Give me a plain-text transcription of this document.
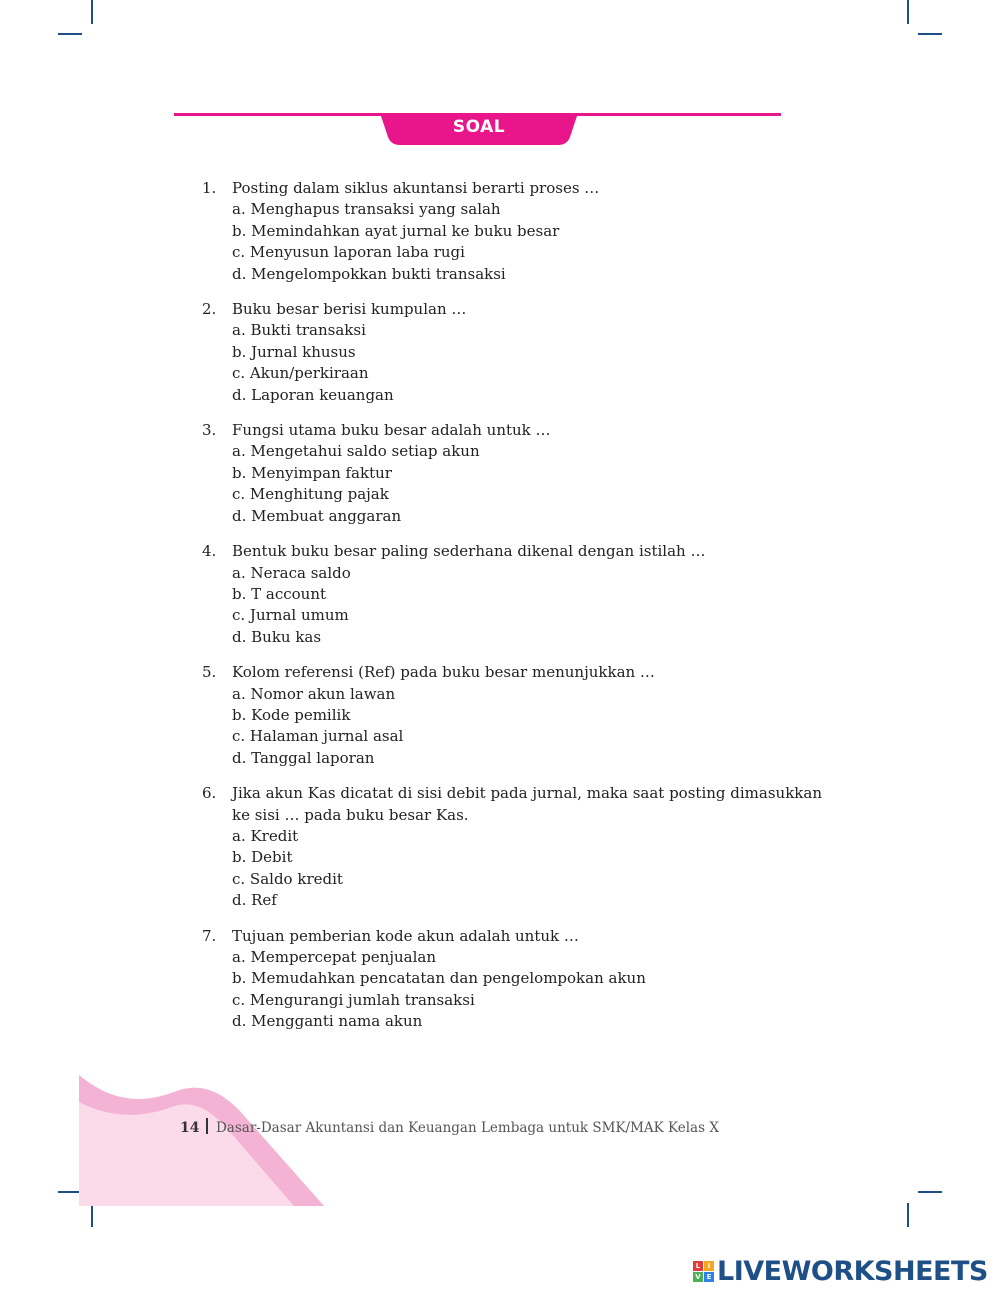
SOAL
1. Posting dalam siklus akuntansi berarti proses …
a. Menghapus transaksi yang salah
b. Memindahkan ayat jurnal ke buku besar
c. Menyusun laporan laba rugi
d. Mengelompokkan bukti transaksi
2. Buku besar berisi kumpulan …
a. Bukti transaksi
b. Jurnal khusus
c. Akun/perkiraan
d. Laporan keuangan
3. Fungsi utama buku besar adalah untuk …
a. Mengetahui saldo setiap akun
b. Menyimpan faktur
c. Menghitung pajak
d. Membuat anggaran
4. Bentuk buku besar paling sederhana dikenal dengan istilah …
a. Neraca saldo
b. T account
c. Jurnal umum
d. Buku kas
5. Kolom referensi (Ref) pada buku besar menunjukkan …
a. Nomor akun lawan
b. Kode pemilik
c. Halaman jurnal asal
d. Tanggal laporan
6. Jika akun Kas dicatat di sisi debit pada jurnal, maka saat posting dimasukkan ke sisi … pada buku besar Kas.
a. Kredit
b. Debit
c. Saldo kredit
d. Ref
7. Tujuan pemberian kode akun adalah untuk …
a. Mempercepat penjualan
b. Memudahkan pencatatan dan pengelompokan akun
c. Mengurangi jumlah transaksi
d. Mengganti nama akun
14 Dasar-Dasar Akuntansi dan Keuangan Lembaga untuk SMK/MAK Kelas X
L	I
V E LIVEWORKSHEETS
